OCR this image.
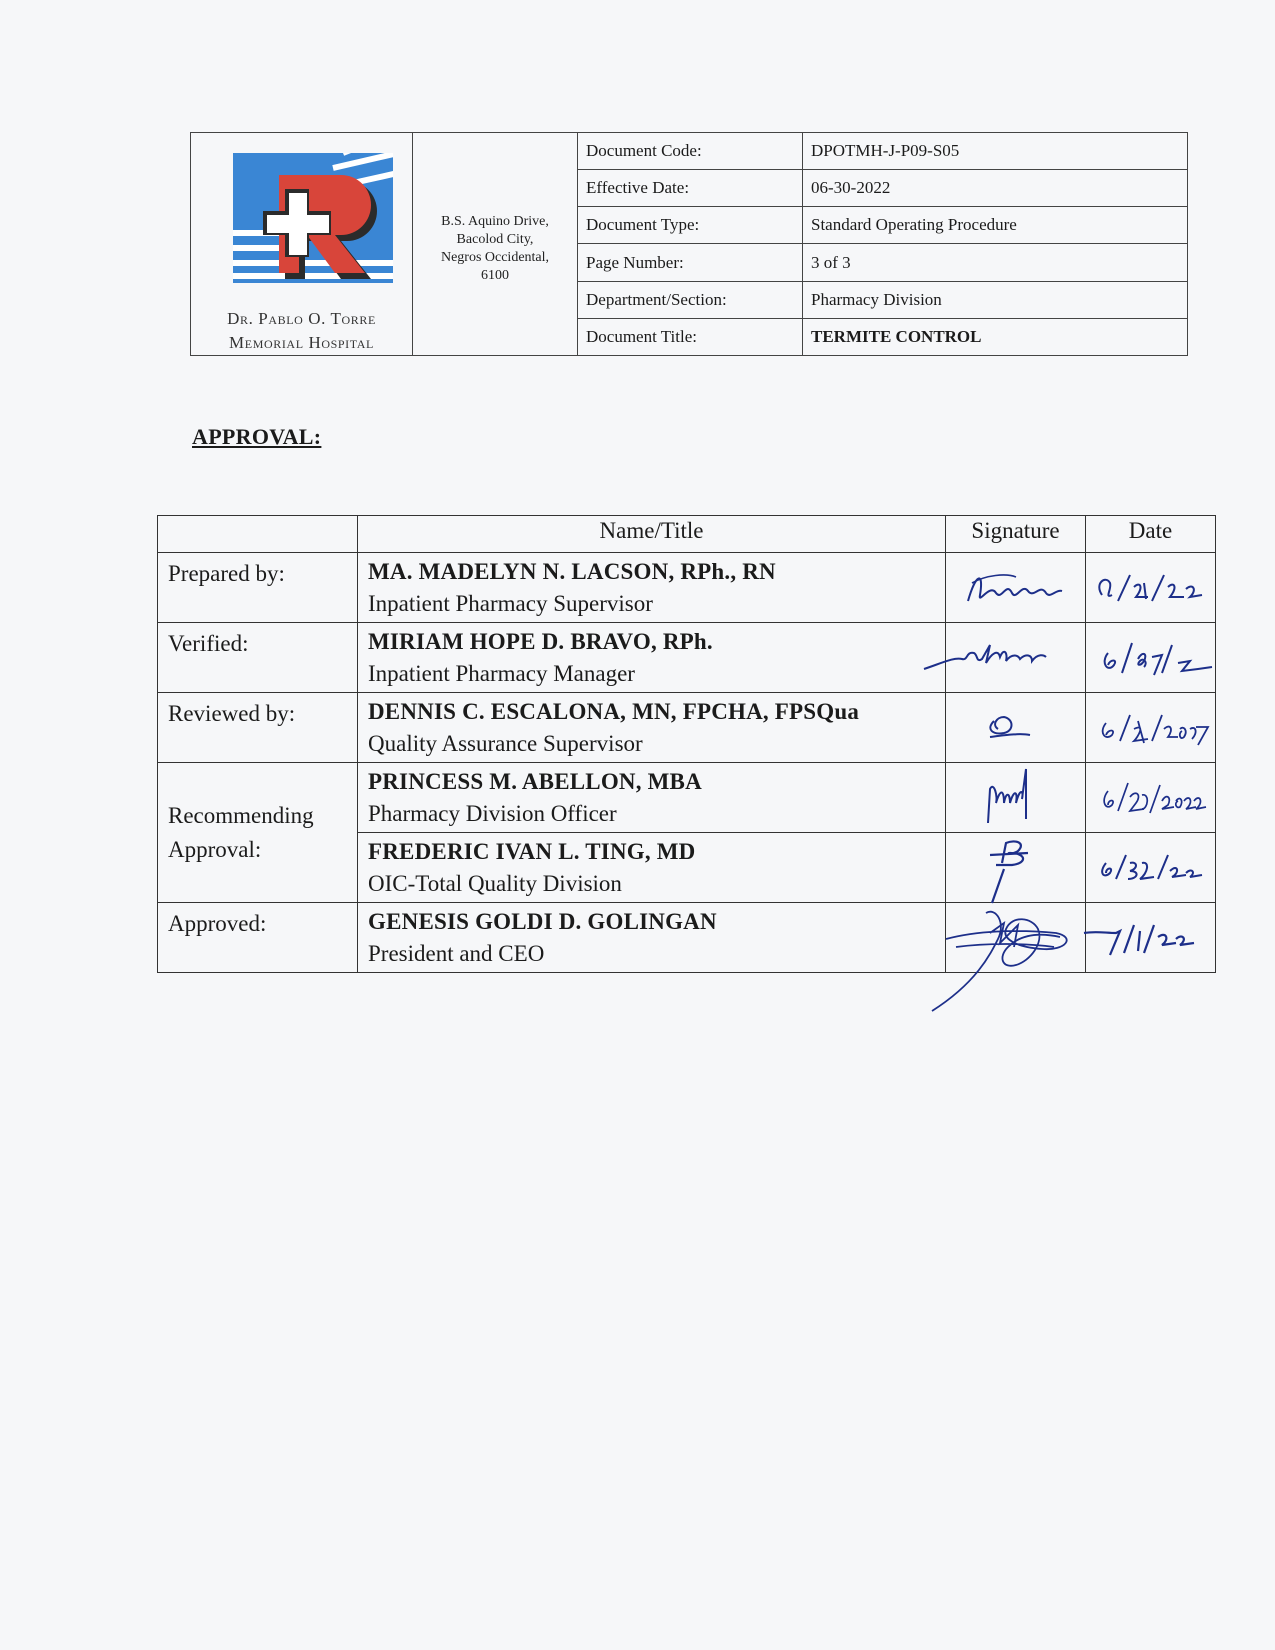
Dr. Pablo O. Torre
Memorial Hospital
B.S. Aquino Drive,
Bacolod City,
Negros Occidental,
6100
Document Code:	DPOTMH-J-P09-S05
Effective Date:	06-30-2022
Document Type:	Standard Operating Procedure
Page Number:	3 of 3
Department/Section:	Pharmacy Division
Document Title:	TERMITE CONTROL
APPROVAL:
	Name/Title	Signature	Date
Prepared by:	MA. MADELYN N. LACSON, RPh., RN
Inpatient Pharmacy Supervisor

Verified:	MIRIAM HOPE D. BRAVO, RPh.
Inpatient Pharmacy Manager

Reviewed by:	DENNIS C. ESCALONA, MN, FPCHA, FPSQua
Quality Assurance Supervisor

Recommending Approval:	PRINCESS M. ABELLON, MBA
Pharmacy Division Officer

	FREDERIC IVAN L. TING, MD
OIC-Total Quality Division

Approved:	GENESIS GOLDI D. GOLINGAN
President and CEO
